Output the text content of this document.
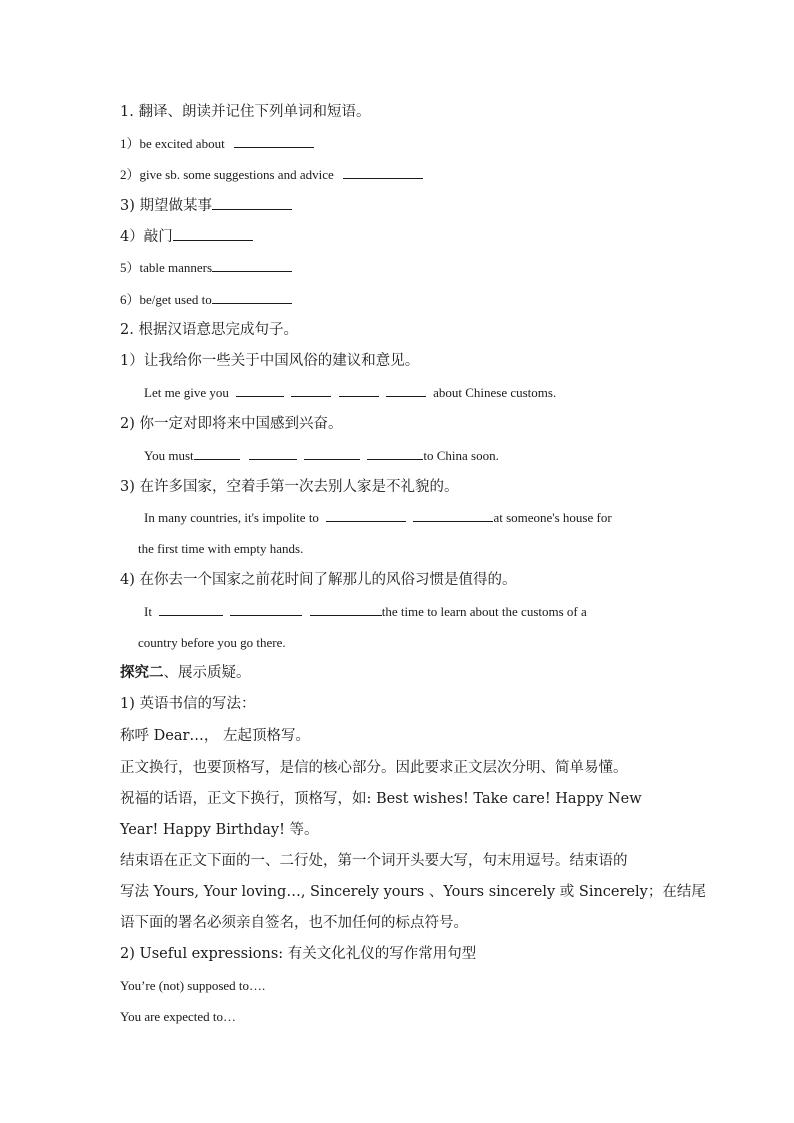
1. 翻译、朗读并记住下列单词和短语。
1）be excited about
2）give sb. some suggestions and advice
3) 期望做某事
4）敲门
5）table manners
6）be/get used to
2. 根据汉语意思完成句子。
1）让我给你一些关于中国风俗的建议和意见。
Let me give you	about Chinese customs.
2) 你一定对即将来中国感到兴奋。
You must	to China soon.
3) 在许多国家，空着手第一次去别人家是不礼貌的。
In many countries, it's impolite to	at someone's house for
the first time with empty hands.
4) 在你去一个国家之前花时间了解那儿的风俗习惯是值得的。
It	the time to learn about the customs of a
country before you go there.
探究二、展示质疑。
1) 英语书信的写法：
称呼 Dear…， 左起顶格写。
正文换行，也要顶格写，是信的核心部分。因此要求正文层次分明、简单易懂。
祝福的话语，正文下换行，顶格写，如: Best wishes! Take care! Happy New
Year! Happy Birthday! 等。
结束语在正文下面的一、二行处，第一个词开头要大写，句末用逗号。结束语的
写法 Yours, Your loving…, Sincerely yours 、Yours sincerely 或 Sincerely；在结尾
语下面的署名必须亲自签名，也不加任何的标点符号。
2) Useful expressions: 有关文化礼仪的写作常用句型
You’re (not) supposed to….
You are expected to…
